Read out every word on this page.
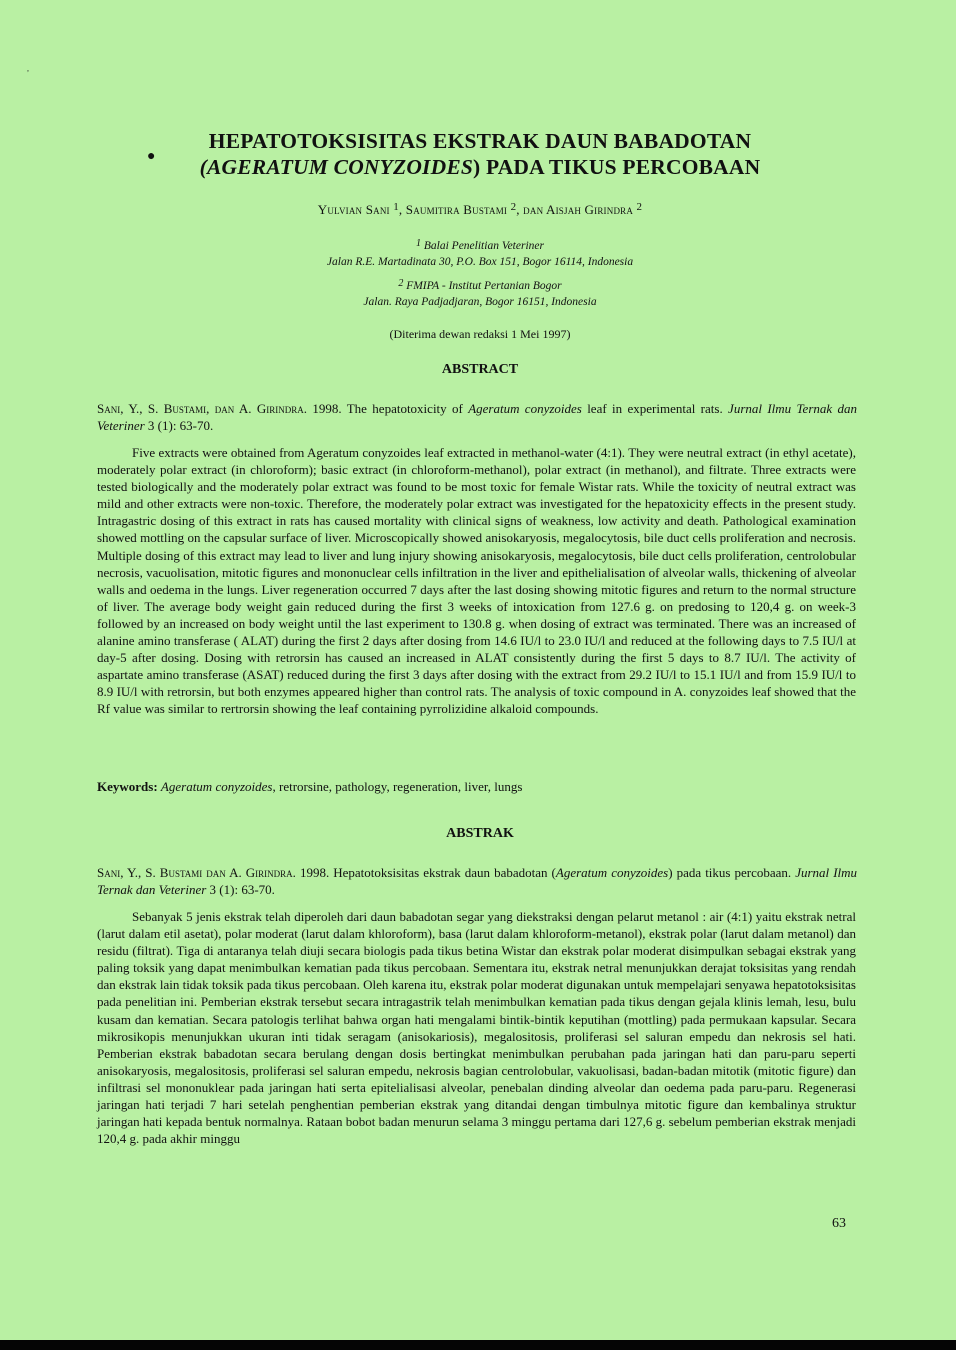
,
●
HEPATOTOKSISITAS EKSTRAK DAUN BABADOTAN
(AGERATUM CONYZOIDES) PADA TIKUS PERCOBAAN
Yulvian Sani $^1$, Saumitira Bustami $^2$, dan Aisjah Girindra $^2$
$^1$ Balai Penelitian Veteriner
Jalan R.E. Martadinata 30, P.O. Box 151, Bogor 16114, Indonesia
$^2$ FMIPA - Institut Pertanian Bogor
Jalan. Raya Padjadjaran, Bogor 16151, Indonesia
(Diterima dewan redaksi 1 Mei 1997)
ABSTRACT
Sani, Y., S. Bustami, dan A. Girindra. 1998. The hepatotoxicity of Ageratum conyzoides leaf in experimental rats. Jurnal Ilmu Ternak dan Veteriner 3 (1): 63-70.

Five extracts were obtained from Ageratum conyzoides leaf extracted in methanol-water (4:1). They were neutral extract (in ethyl acetate), moderately polar extract (in chloroform); basic extract (in chloroform-methanol), polar extract (in methanol), and filtrate. Three extracts were tested biologically and the moderately polar extract was found to be most toxic for female Wistar rats. While the toxicity of neutral extract was mild and other extracts were non-toxic. Therefore, the moderately polar extract was investigated for the hepatoxicity effects in the present study. Intragastric dosing of this extract in rats has caused mortality with clinical signs of weakness, low activity and death. Pathological examination showed mottling on the capsular surface of liver. Microscopically showed anisokaryosis, megalocytosis, bile duct cells proliferation and necrosis. Multiple dosing of this extract may lead to liver and lung injury showing anisokaryosis, megalocytosis, bile duct cells proliferation, centrolobular necrosis, vacuolisation, mitotic figures and mononuclear cells infiltration in the liver and epithelialisation of alveolar walls, thickening of alveolar walls and oedema in the lungs. Liver regeneration occurred 7 days after the last dosing showing mitotic figures and return to the normal structure of liver. The average body weight gain reduced during the first 3 weeks of intoxication from 127.6 g. on predosing to 120,4 g. on week-3 followed by an increased on body weight until the last experiment to 130.8 g. when dosing of extract was terminated. There was an increased of alanine amino transferase ( ALAT) during the first 2 days after dosing from 14.6 IU/l to 23.0 IU/l and reduced at the following days to 7.5 IU/l at day-5 after dosing. Dosing with retrorsin has caused an increased in ALAT consistently during the first 5 days to 8.7 IU/l. The activity of aspartate amino transferase (ASAT) reduced during the first 3 days after dosing with the extract from 29.2 IU/l to 15.1 IU/l and from 15.9 IU/l to 8.9 IU/l with retrorsin, but both enzymes appeared higher than control rats. The analysis of toxic compound in A. conyzoides leaf showed that the Rf value was similar to rertrorsin showing the leaf containing pyrrolizidine alkaloid compounds.

Keywords: Ageratum conyzoides, retrorsine, pathology, regeneration, liver, lungs
ABSTRAK
Sani, Y., S. Bustami dan A. Girindra. 1998. Hepatotoksisitas ekstrak daun babadotan (Ageratum conyzoides) pada tikus percobaan. Jurnal Ilmu Ternak dan Veteriner 3 (1): 63-70.

Sebanyak 5 jenis ekstrak telah diperoleh dari daun babadotan segar yang diekstraksi dengan pelarut metanol : air (4:1) yaitu ekstrak netral (larut dalam etil asetat), polar moderat (larut dalam khloroform), basa (larut dalam khloroform-metanol), ekstrak polar (larut dalam metanol) dan residu (filtrat). Tiga di antaranya telah diuji secara biologis pada tikus betina Wistar dan ekstrak polar moderat disimpulkan sebagai ekstrak yang paling toksik yang dapat menimbulkan kematian pada tikus percobaan. Sementara itu, ekstrak netral menunjukkan derajat toksisitas yang rendah dan ekstrak lain tidak toksik pada tikus percobaan. Oleh karena itu, ekstrak polar moderat digunakan untuk mempelajari senyawa hepatotoksisitas pada penelitian ini. Pemberian ekstrak tersebut secara intragastrik telah menimbulkan kematian pada tikus dengan gejala klinis lemah, lesu, bulu kusam dan kematian. Secara patologis terlihat bahwa organ hati mengalami bintik-bintik keputihan (mottling) pada permukaan kapsular. Secara mikrosikopis menunjukkan ukuran inti tidak seragam (anisokariosis), megalositosis, proliferasi sel saluran empedu dan nekrosis sel hati. Pemberian ekstrak babadotan secara berulang dengan dosis bertingkat menimbulkan perubahan pada jaringan hati dan paru-paru seperti anisokaryosis, megalositosis, proliferasi sel saluran empedu, nekrosis bagian centrolobular, vakuolisasi, badan-badan mitotik (mitotic figure) dan infiltrasi sel mononuklear pada jaringan hati serta epitelialisasi alveolar, penebalan dinding alveolar dan oedema pada paru-paru. Regenerasi jaringan hati terjadi 7 hari setelah penghentian pemberian ekstrak yang ditandai dengan timbulnya mitotic figure dan kembalinya struktur jaringan hati kepada bentuk normalnya. Rataan bobot badan menurun selama 3 minggu pertama dari 127,6 g. sebelum pemberian ekstrak menjadi 120,4 g. pada akhir minggu

63
